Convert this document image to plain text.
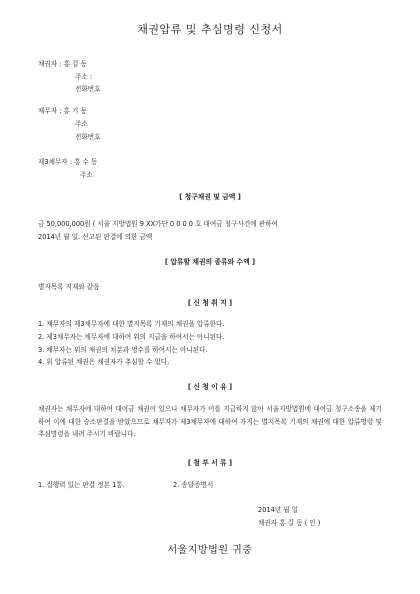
채권압류 및 추심명령 신청서
채권자 : 홍 길 동
주소 :
전화번호
채무자 : 홍 기 동
주소
전화번호
제3채무자 : 홍 수 동
주소
[ 청구채권 및 금액 ]
금 50,000,000원 ( 서울 지방법원 9 XX가단 0 0 0 0 호 대여금 청구사건에 관하여
2014년 월 일. 선고된 판결에 의한 금액
[ 압류할 채권의 종류와 수액 ]
별지목록 지재와 같음
[ 신 청 취 지 ]
1. 채무자의 제3채무자에 대한 별지목록 기재의 채권을 압류한다.
2. 제3채무자는 채무자에 대하여 위의 지급을 하여서는 아니된다.
3. 채무자는 위의 채권의 처분과 영수를 하여서는 아니된다.
4. 위 압류된 채권은 채권자가 추심할 수 있다.
[ 신 청 이 유 ]
채권자는 채무자에 대하여 대여금 채권이 있으나 채무자가 이를 지급하지 않아 서울지방법원에 대여금 청구소송을 제기하여 이에 대한 승소판결을 받았으므로 채무자가 제3채무자에 대하여 가지는 별지목록 기재의 채권에 대한 압류명령 및 추심명령을 내려 주시기 바랍니다.
[ 첨 부 서 류 ]
1. 집행력 있는 판결 정본 1통.	2. 송달증명서
2014년 월 일
채권자 홍 길 동 ( 인 )
서울지방법원 귀중
